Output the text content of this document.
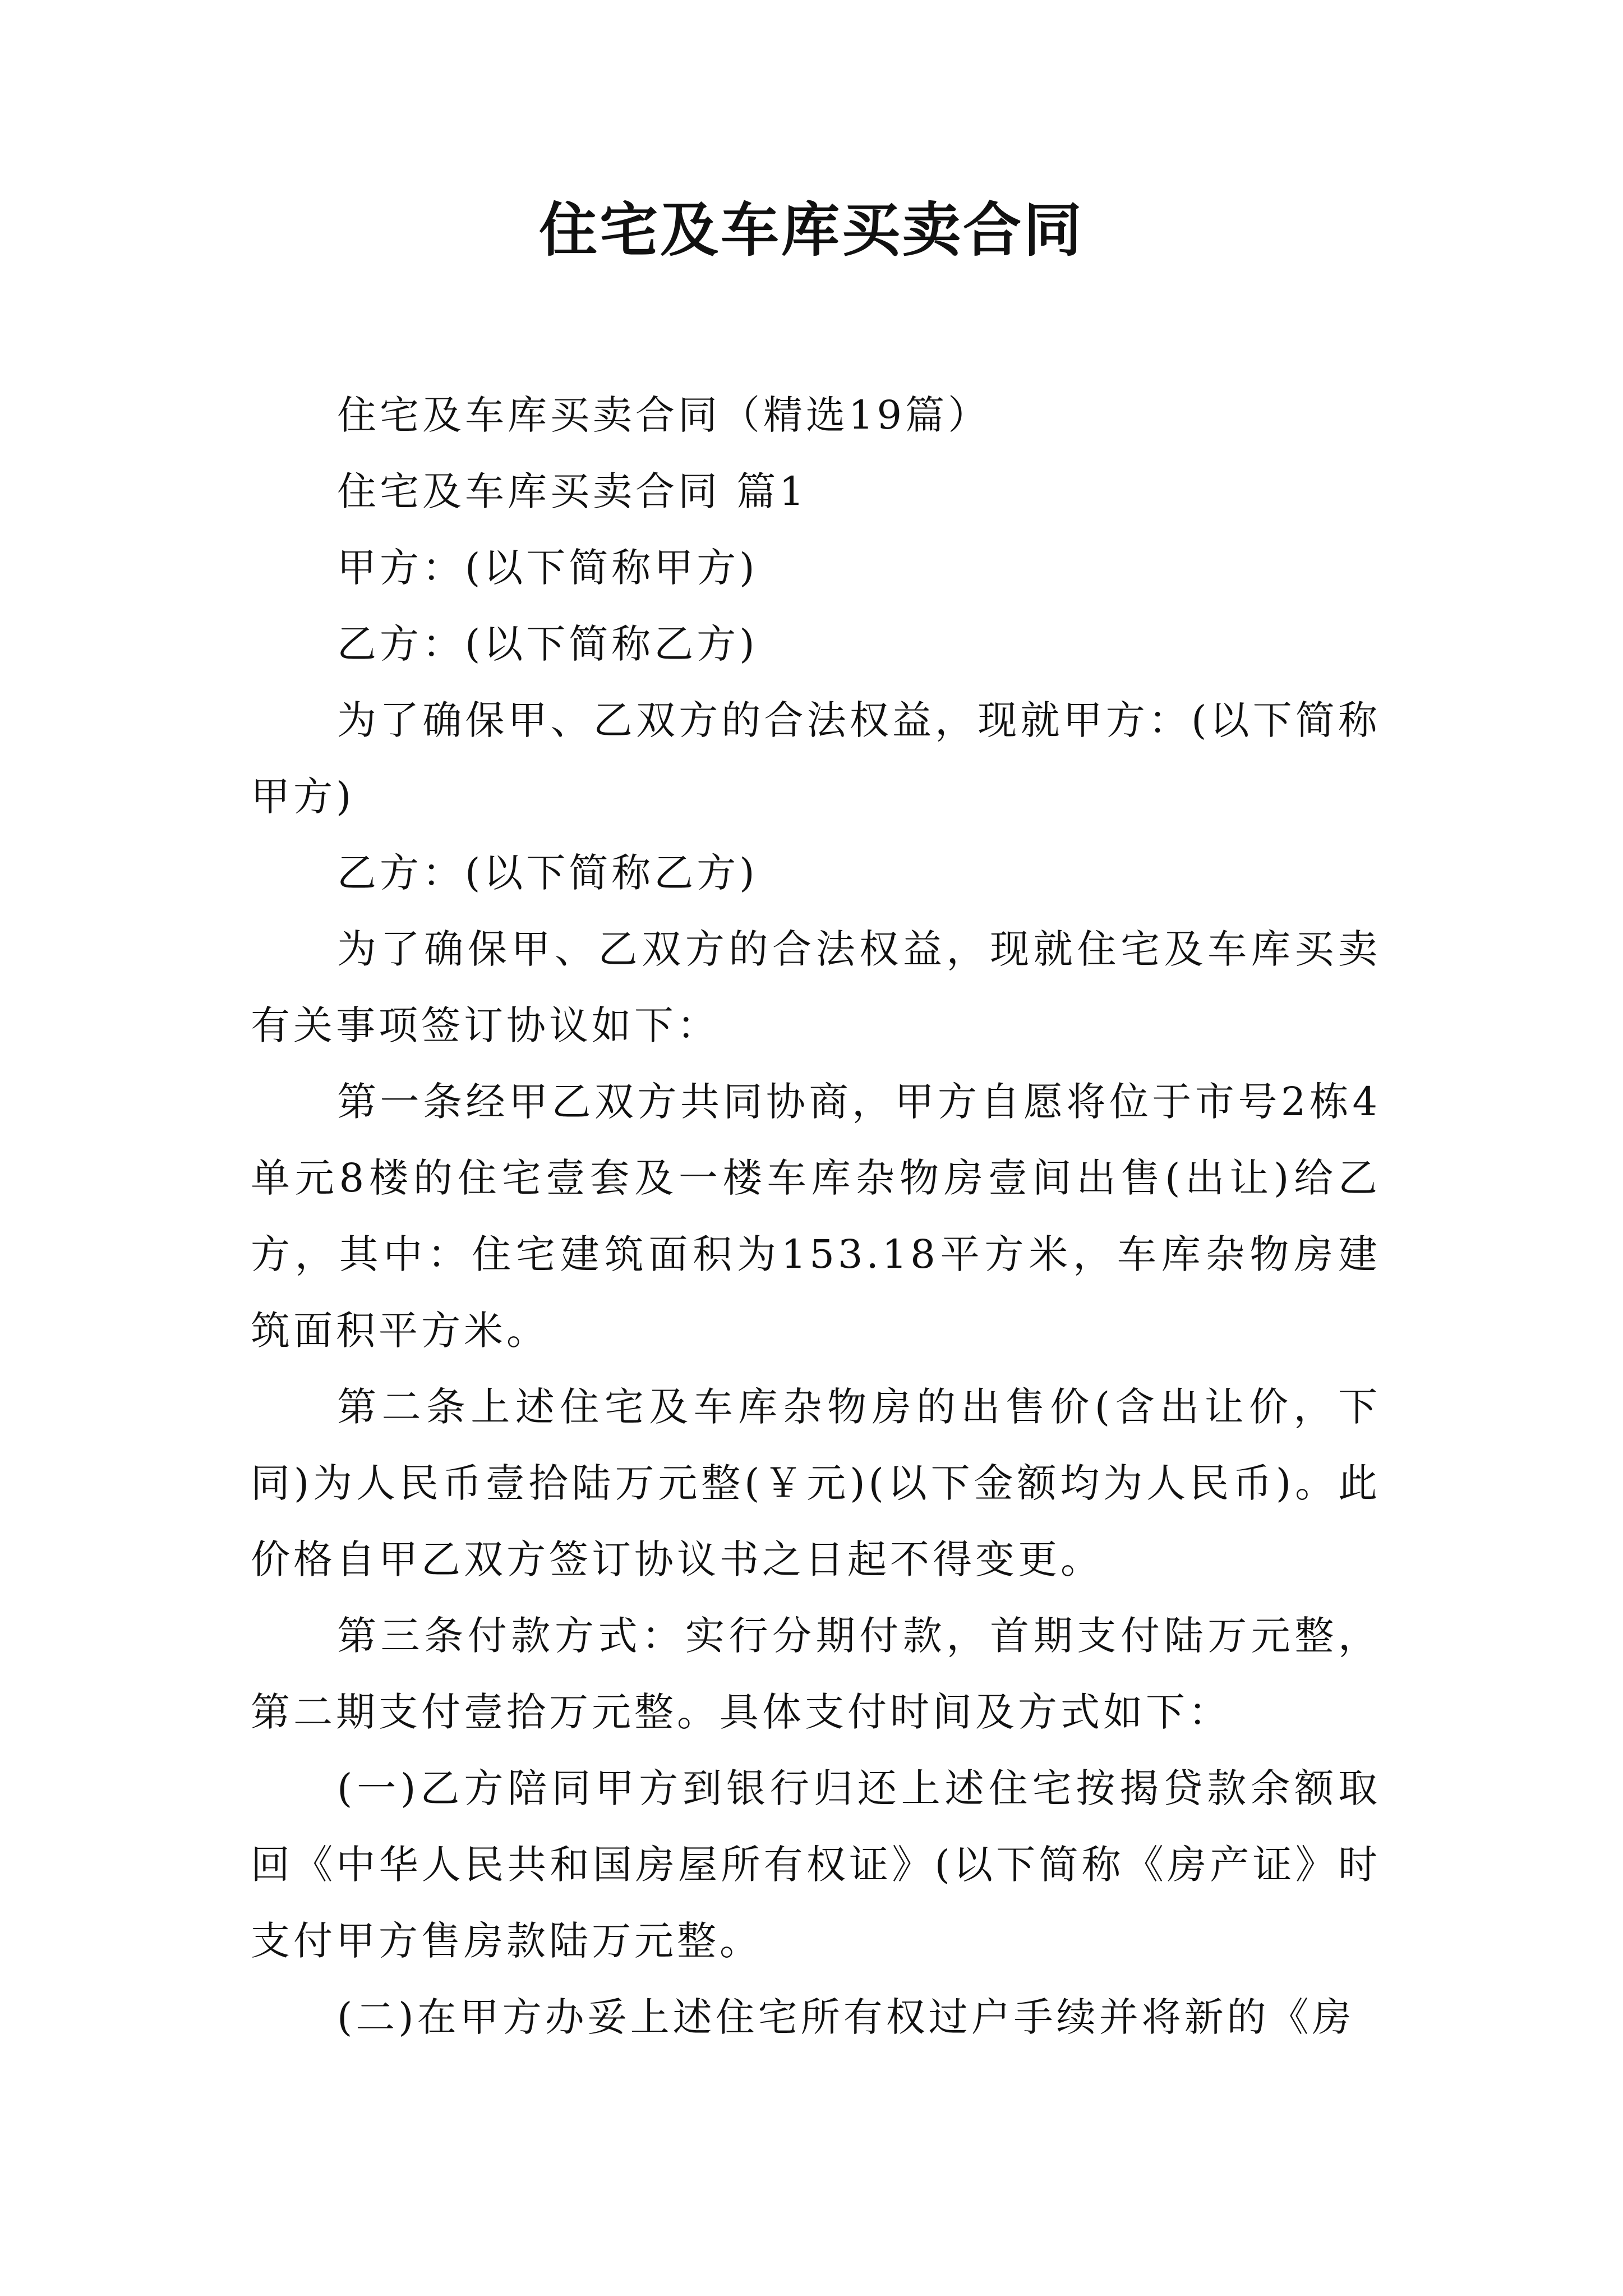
住宅及车库买卖合同

住宅及车库买卖合同（精选19篇）

住宅及车库买卖合同 篇1

甲方：(以下简称甲方)

乙方：(以下简称乙方)

为了确保甲、乙双方的合法权益，现就甲方：(以下简称甲方)

乙方：(以下简称乙方)

为了确保甲、乙双方的合法权益，现就住宅及车库买卖有关事项签订协议如下：

第一条经甲乙双方共同协商，甲方自愿将位于市号2栋4单元8楼的住宅壹套及一楼车库杂物房壹间出售(出让)给乙方，其中：住宅建筑面积为153.18平方米，车库杂物房建筑面积平方米。

第二条上述住宅及车库杂物房的出售价(含出让价，下同)为人民币壹拾陆万元整(￥元)(以下金额均为人民币)。此价格自甲乙双方签订协议书之日起不得变更。

第三条付款方式：实行分期付款，首期支付陆万元整，第二期支付壹拾万元整。具体支付时间及方式如下：

(一)乙方陪同甲方到银行归还上述住宅按揭贷款余额取回《中华人民共和国房屋所有权证》(以下简称《房产证》时支付甲方售房款陆万元整。

(二)在甲方办妥上述住宅所有权过户手续并将新的《房
